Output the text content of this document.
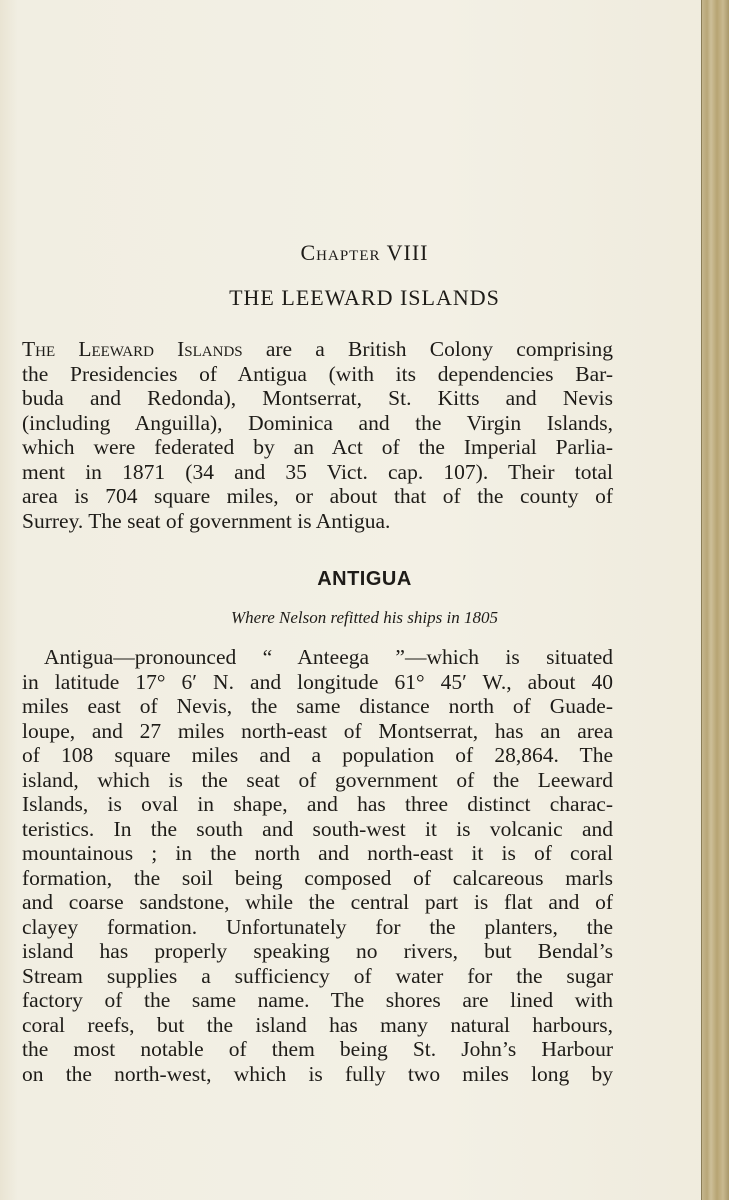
Chapter VIII
THE LEEWARD ISLANDS
The Leeward Islands are a British Colony comprising
the Presidencies of Antigua (with its dependencies Bar-
buda and Redonda), Montserrat, St. Kitts and Nevis
(including Anguilla), Dominica and the Virgin Islands,
which were federated by an Act of the Imperial Parlia-
ment in 1871 (34 and 35 Vict. cap. 107). Their total
area is 704 square miles, or about that of the county of
Surrey. The seat of government is Antigua.
ANTIGUA
Where Nelson refitted his ships in 1805
Antigua—pronounced “ Anteega ”—which is situated
in latitude 17° 6′ N. and longitude 61° 45′ W., about 40
miles east of Nevis, the same distance north of Guade-
loupe, and 27 miles north-east of Montserrat, has an area
of 108 square miles and a population of 28,864. The
island, which is the seat of government of the Leeward
Islands, is oval in shape, and has three distinct charac-
teristics. In the south and south-west it is volcanic and
mountainous ; in the north and north-east it is of coral
formation, the soil being composed of calcareous marls
and coarse sandstone, while the central part is flat and of
clayey formation. Unfortunately for the planters, the
island has properly speaking no rivers, but Bendal’s
Stream supplies a sufficiency of water for the sugar
factory of the same name. The shores are lined with
coral reefs, but the island has many natural harbours,
the most notable of them being St. John’s Harbour
on the north-west, which is fully two miles long by
